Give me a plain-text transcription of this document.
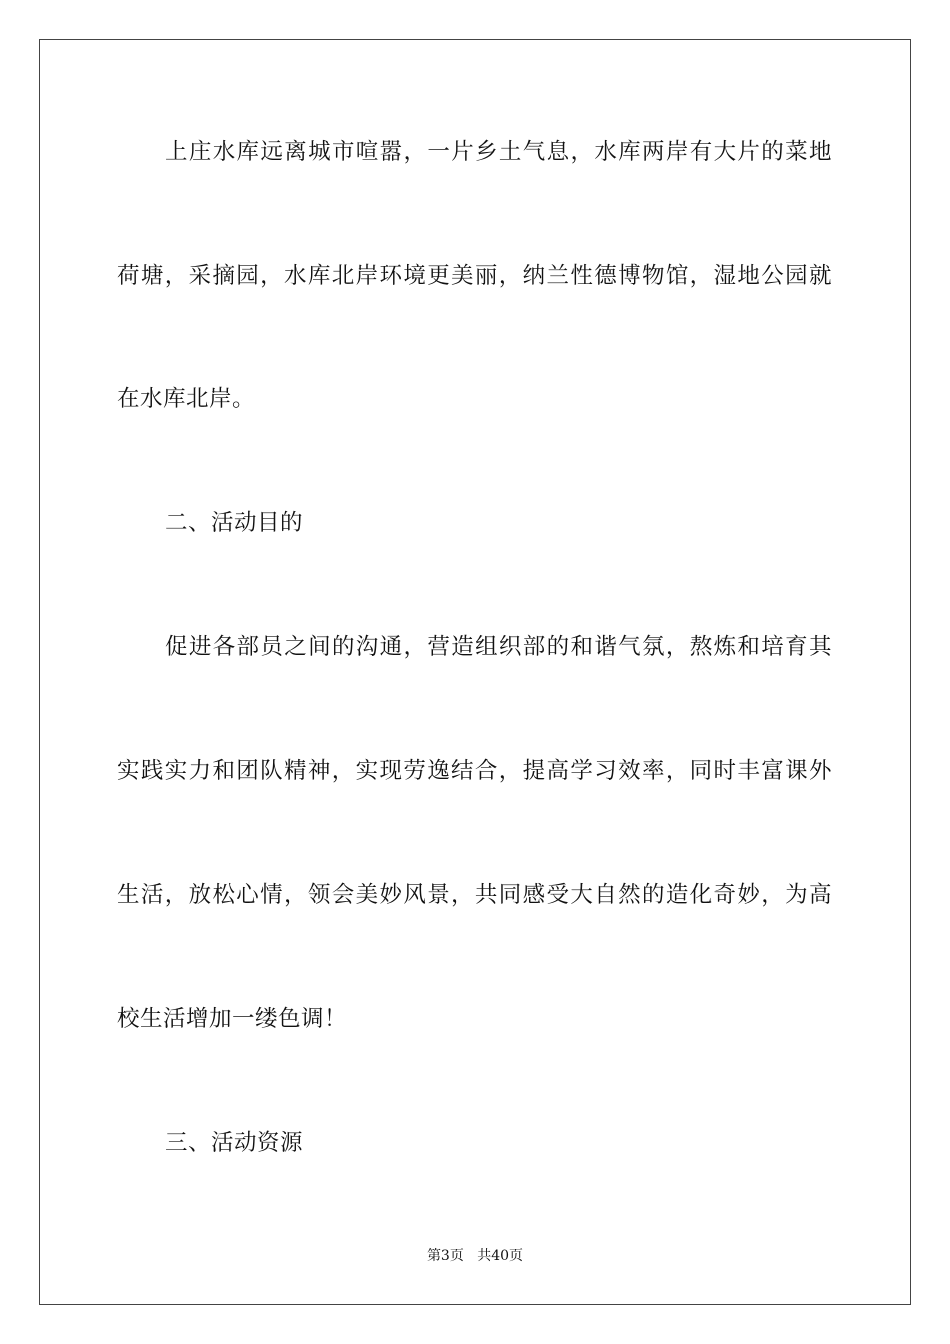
上庄水库远离城市喧嚣，一片乡土气息，水库两岸有大片的菜地
荷塘，采摘园，水库北岸环境更美丽，纳兰性德博物馆，湿地公园就
在水库北岸。
二、活动目的
促进各部员之间的沟通，营造组织部的和谐气氛，熬炼和培育其
实践实力和团队精神，实现劳逸结合，提高学习效率，同时丰富课外
生活，放松心情，领会美妙风景，共同感受大自然的造化奇妙，为高
校生活增加一缕色调！
三、活动资源
第3页 共40页
